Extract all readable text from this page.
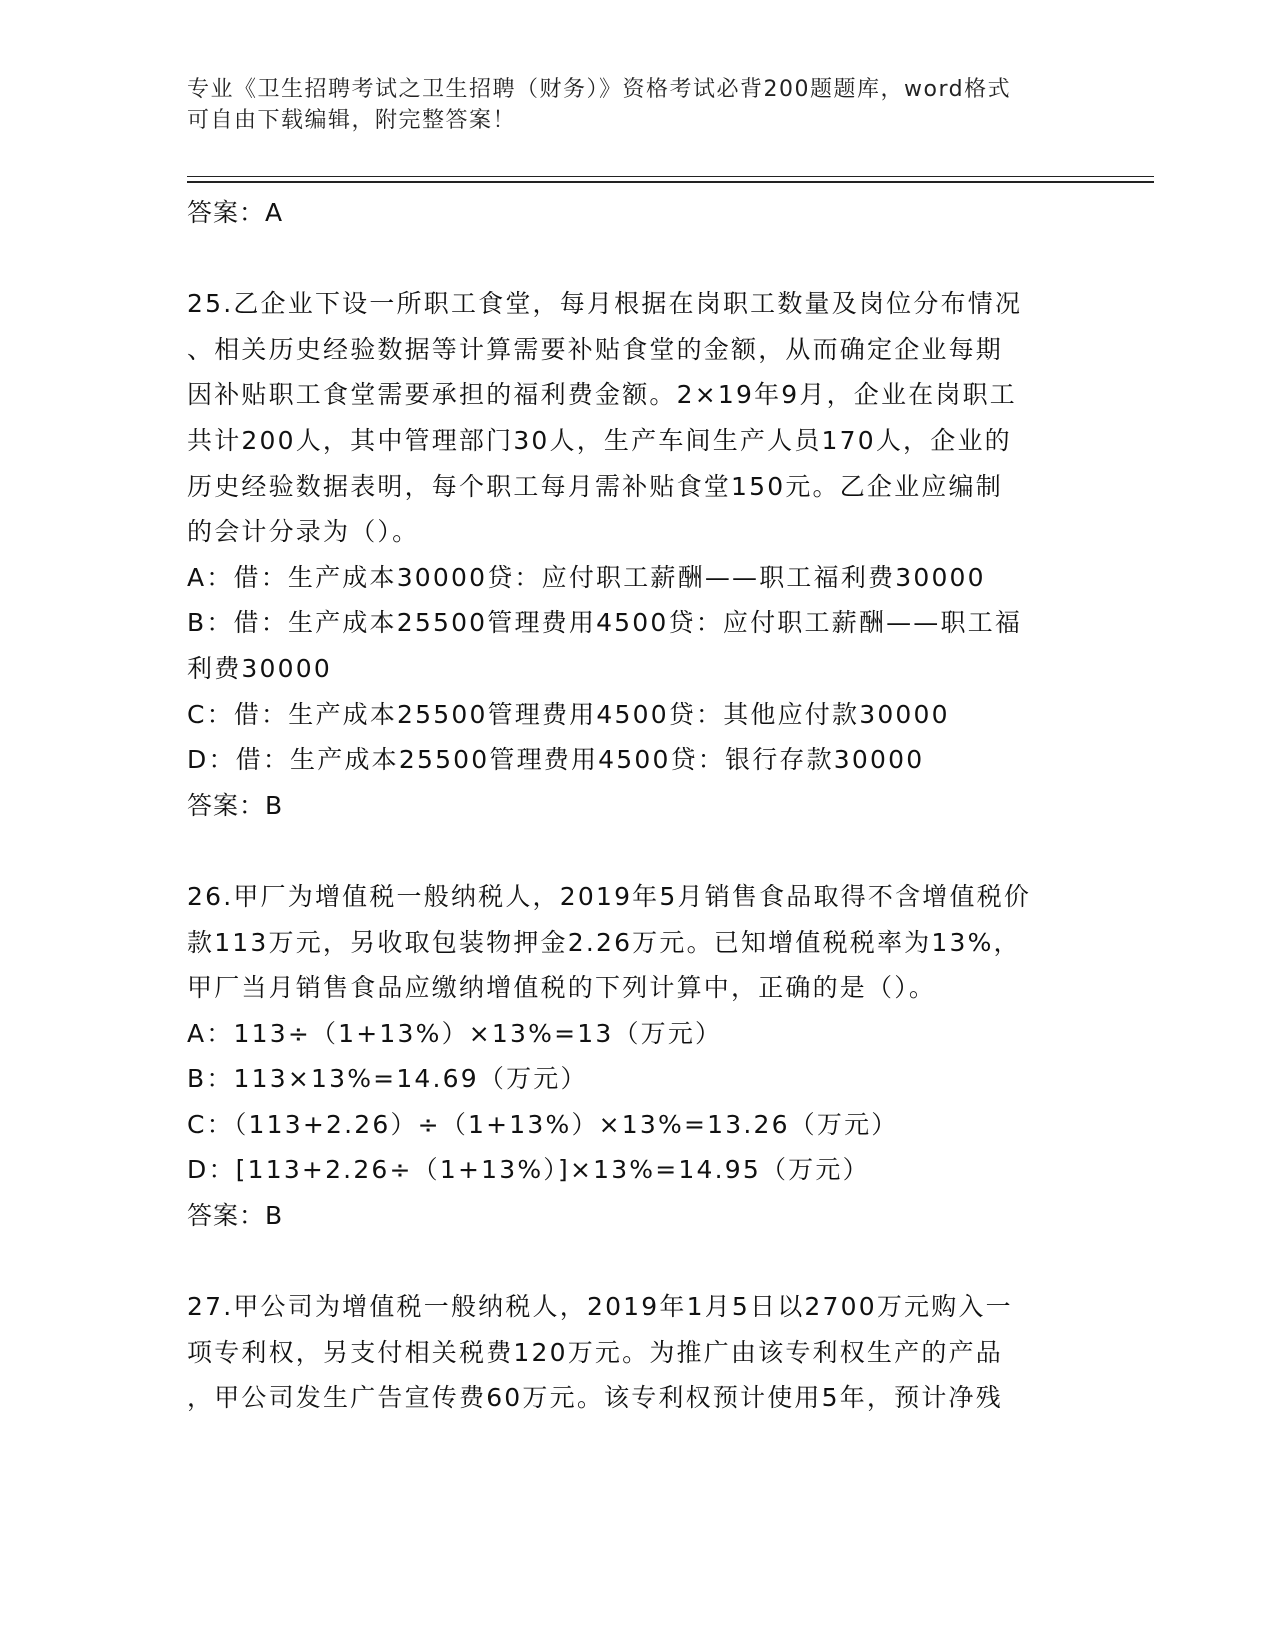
专业《卫生招聘考试之卫生招聘（财务）》资格考试必背200题题库，word格式
可自由下载编辑，附完整答案！
答案：A
25.乙企业下设一所职工食堂，每月根据在岗职工数量及岗位分布情况
、相关历史经验数据等计算需要补贴食堂的金额，从而确定企业每期
因补贴职工食堂需要承担的福利费金额。2×19年9月，企业在岗职工
共计200人，其中管理部门30人，生产车间生产人员170人，企业的
历史经验数据表明，每个职工每月需补贴食堂150元。乙企业应编制
的会计分录为（）。
A：借：生产成本30000贷：应付职工薪酬——职工福利费30000
B：借：生产成本25500管理费用4500贷：应付职工薪酬——职工福
利费30000
C：借：生产成本25500管理费用4500贷：其他应付款30000
D：借：生产成本25500管理费用4500贷：银行存款30000
答案：B
26.甲厂为增值税一般纳税人，2019年5月销售食品取得不含增值税价
款113万元，另收取包装物押金2.26万元。已知增值税税率为13%，
甲厂当月销售食品应缴纳增值税的下列计算中，正确的是（）。
A：113÷（1+13%）×13%=13（万元）
B：113×13%=14.69（万元）
C：（113+2.26）÷（1+13%）×13%=13.26（万元）
D：[113+2.26÷（1+13%）]×13%=14.95（万元）
答案：B
27.甲公司为增值税一般纳税人，2019年1月5日以2700万元购入一
项专利权，另支付相关税费120万元。为推广由该专利权生产的产品
，甲公司发生广告宣传费60万元。该专利权预计使用5年，预计净残
